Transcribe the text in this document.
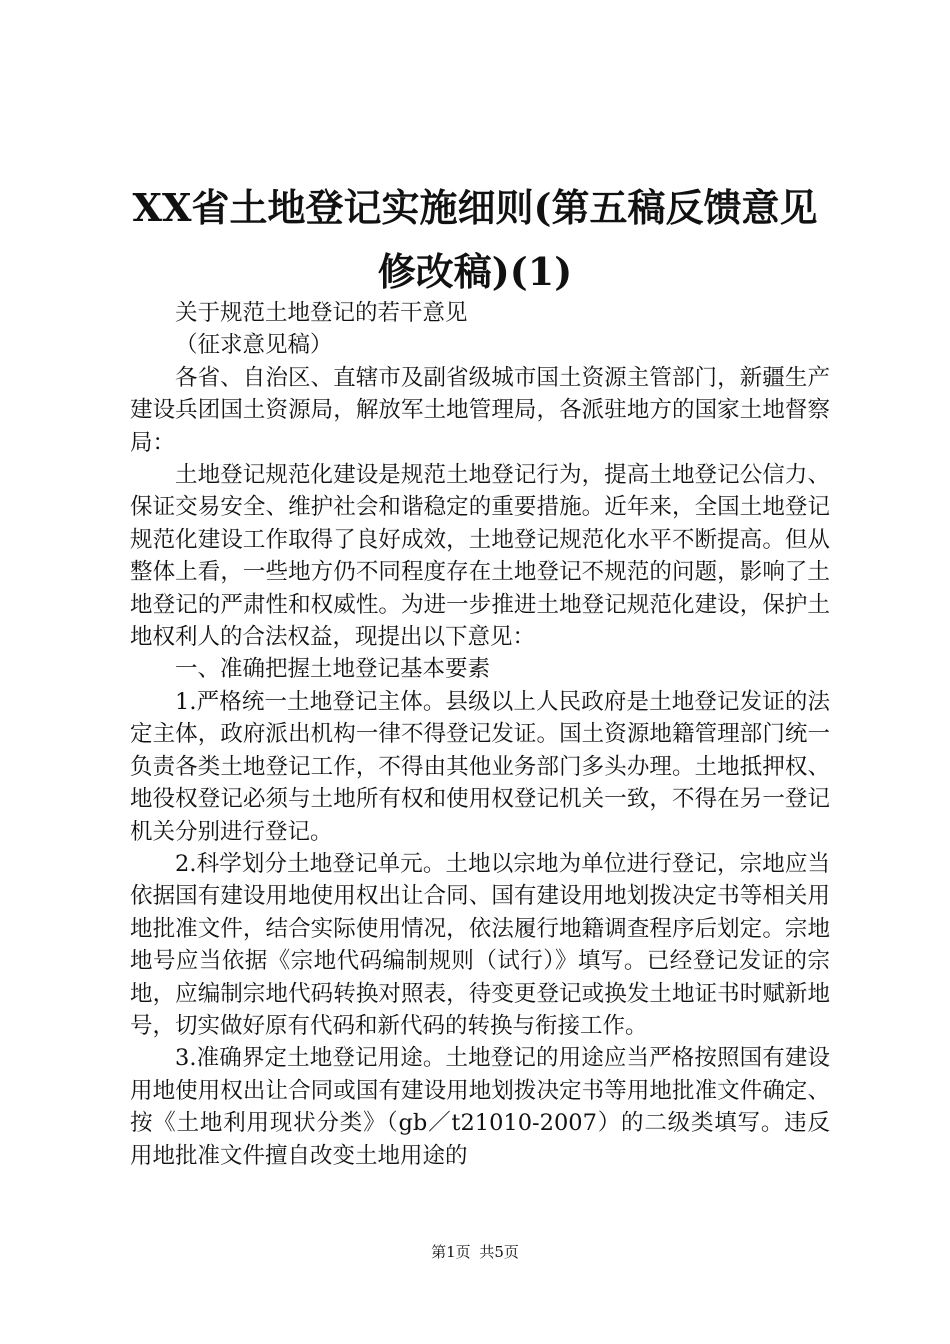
XX省土地登记实施细则(第五稿反馈意见修改稿)(1)

关于规范土地登记的若干意见

（征求意见稿）

各省、自治区、直辖市及副省级城市国土资源主管部门，新疆生产建设兵团国土资源局，解放军土地管理局，各派驻地方的国家土地督察局：

土地登记规范化建设是规范土地登记行为，提高土地登记公信力、保证交易安全、维护社会和谐稳定的重要措施。近年来，全国土地登记规范化建设工作取得了良好成效，土地登记规范化水平不断提高。但从整体上看，一些地方仍不同程度存在土地登记不规范的问题，影响了土地登记的严肃性和权威性。为进一步推进土地登记规范化建设，保护土地权利人的合法权益，现提出以下意见：

一、准确把握土地登记基本要素

1.严格统一土地登记主体。县级以上人民政府是土地登记发证的法定主体，政府派出机构一律不得登记发证。国土资源地籍管理部门统一负责各类土地登记工作，不得由其他业务部门多头办理。土地抵押权、地役权登记必须与土地所有权和使用权登记机关一致，不得在另一登记机关分别进行登记。

2.科学划分土地登记单元。土地以宗地为单位进行登记，宗地应当依据国有建设用地使用权出让合同、国有建设用地划拨决定书等相关用地批准文件，结合实际使用情况，依法履行地籍调查程序后划定。宗地地号应当依据《宗地代码编制规则（试行）》填写。已经登记发证的宗地，应编制宗地代码转换对照表，待变更登记或换发土地证书时赋新地号，切实做好原有代码和新代码的转换与衔接工作。

3.准确界定土地登记用途。土地登记的用途应当严格按照国有建设用地使用权出让合同或国有建设用地划拨决定书等用地批准文件确定、按《土地利用现状分类》（gb／t21010-2007）的二级类填写。违反用地批准文件擅自改变土地用途的

第1页 共5页
